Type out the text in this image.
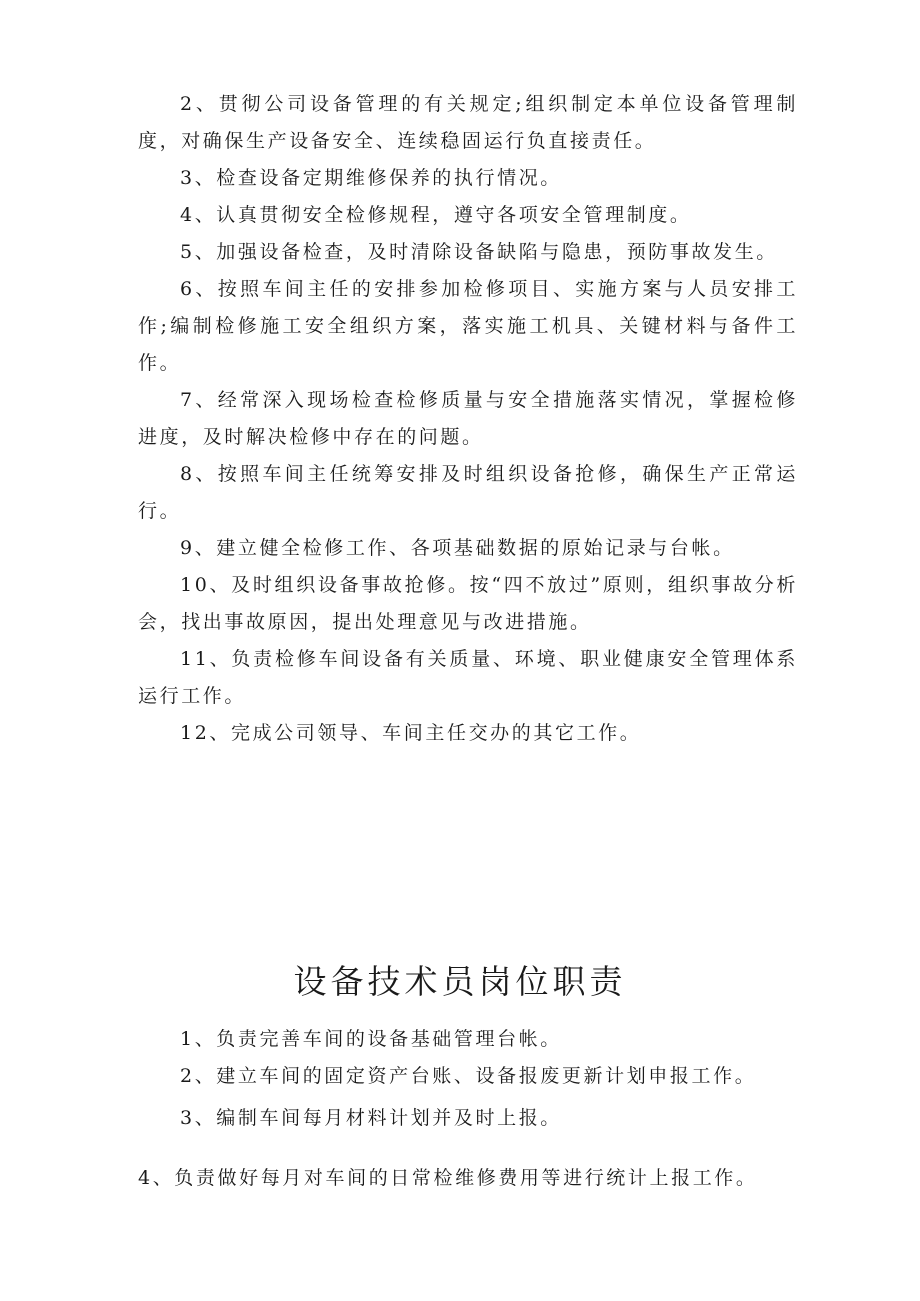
2、贯彻公司设备管理的有关规定;组织制定本单位设备管理制度，对确保生产设备安全、连续稳固运行负直接责任。

3、检查设备定期维修保养的执行情况。

4、认真贯彻安全检修规程，遵守各项安全管理制度。

5、加强设备检查，及时清除设备缺陷与隐患，预防事故发生。

6、按照车间主任的安排参加检修项目、实施方案与人员安排工作;编制检修施工安全组织方案，落实施工机具、关键材料与备件工作。

7、经常深入现场检查检修质量与安全措施落实情况，掌握检修进度，及时解决检修中存在的问题。

8、按照车间主任统筹安排及时组织设备抢修，确保生产正常运行。

9、建立健全检修工作、各项基础数据的原始记录与台帐。

10、及时组织设备事故抢修。按“四不放过”原则，组织事故分析会，找出事故原因，提出处理意见与改进措施。

11、负责检修车间设备有关质量、环境、职业健康安全管理体系运行工作。

12、完成公司领导、车间主任交办的其它工作。

设备技术员岗位职责

1、负责完善车间的设备基础管理台帐。

2、建立车间的固定资产台账、设备报废更新计划申报工作。

3、编制车间每月材料计划并及时上报。

4、负责做好每月对车间的日常检维修费用等进行统计上报工作。
